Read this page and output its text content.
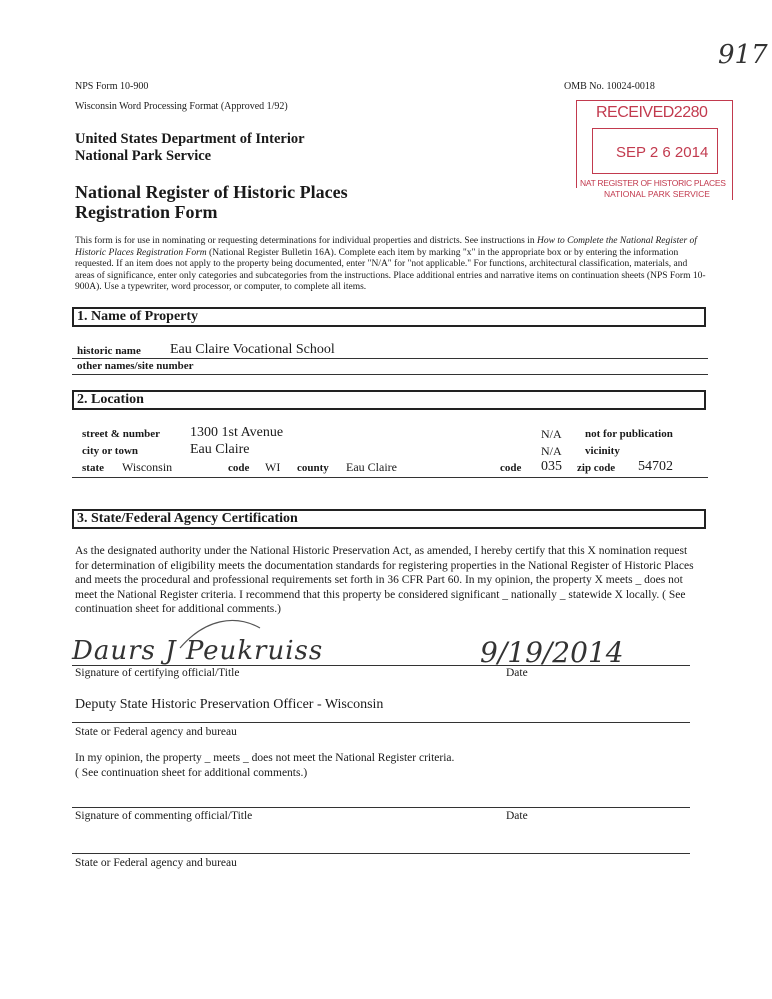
917
NPS Form 10-900
Wisconsin Word Processing Format (Approved 1/92)
OMB No. 10024-0018
United States Department of Interior
National Park Service
National Register of Historic Places
Registration Form
RECEIVED2280
SEP 2 6 2014
NAT REGISTER OF HISTORIC PLACES
NATIONAL PARK SERVICE
This form is for use in nominating or requesting determinations for individual properties and districts. See instructions in How to Complete the National Register of Historic Places Registration Form (National Register Bulletin 16A). Complete each item by marking "x" in the appropriate box or by entering the information requested. If an item does not apply to the property being documented, enter "N/A" for "not applicable." For functions, architectural classification, materials, and areas of significance, enter only categories and subcategories from the instructions. Place additional entries and narrative items on continuation sheets (NPS Form 10-900A). Use a typewriter, word processor, or computer, to complete all items.
1. Name of Property
historic name Eau Claire Vocational School
other names/site number
2. Location
street & number 1300 1st Avenue	N/A not for publication
city or town	Eau Claire	N/A vicinity
state Wisconsin	code WI county Eau Claire	code 035 zip code 54702
3. State/Federal Agency Certification
As the designated authority under the National Historic Preservation Act, as amended, I hereby certify that this X nomination request for determination of eligibility meets the documentation standards for registering properties in the National Register of Historic Places and meets the procedural and professional requirements set forth in 36 CFR Part 60. In my opinion, the property X meets _ does not meet the National Register criteria. I recommend that this property be considered significant _ nationally _ statewide X locally. ( See continuation sheet for additional comments.)
Daurs J Peukruiss	9/19/2014
Signature of certifying official/Title	Date
Deputy State Historic Preservation Officer - Wisconsin
State or Federal agency and bureau
In my opinion, the property _ meets _ does not meet the National Register criteria.
( See continuation sheet for additional comments.)
Signature of commenting official/Title	Date
State or Federal agency and bureau
